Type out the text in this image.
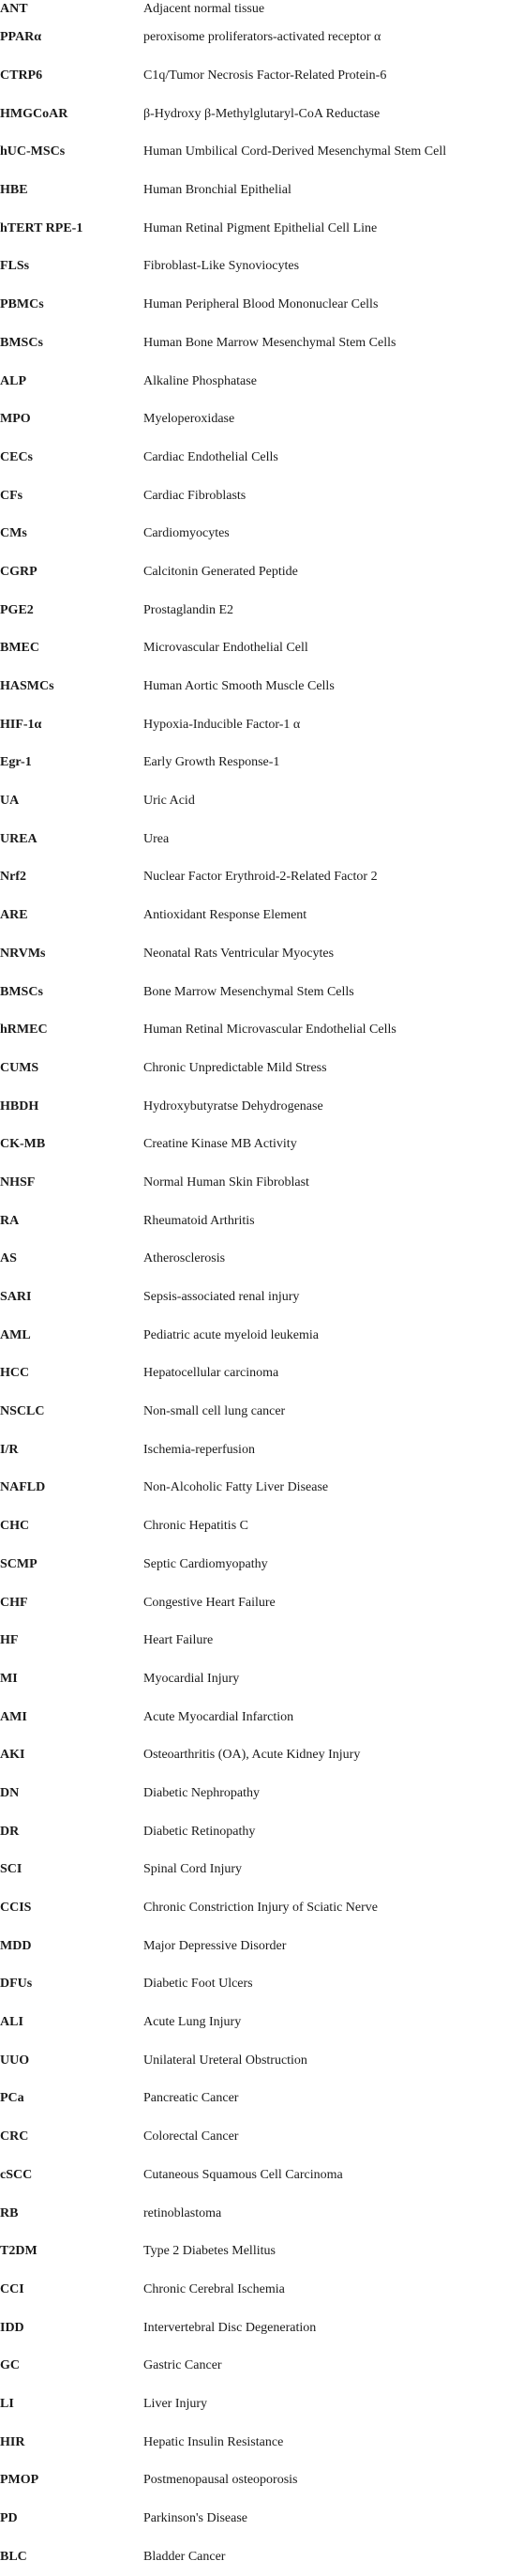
ANT	Adjacent normal tissue
PPARα	peroxisome proliferators-activated receptor α
CTRP6	C1q/Tumor Necrosis Factor-Related Protein-6
HMGCoAR	β-Hydroxy β-Methylglutaryl-CoA Reductase
hUC-MSCs	Human Umbilical Cord-Derived Mesenchymal Stem Cell
HBE	Human Bronchial Epithelial
hTERT RPE-1	Human Retinal Pigment Epithelial Cell Line
FLSs	Fibroblast-Like Synoviocytes
PBMCs	Human Peripheral Blood Mononuclear Cells
BMSCs	Human Bone Marrow Mesenchymal Stem Cells
ALP	Alkaline Phosphatase
MPO	Myeloperoxidase
CECs	Cardiac Endothelial Cells
CFs	Cardiac Fibroblasts
CMs	Cardiomyocytes
CGRP	Calcitonin Generated Peptide
PGE2	Prostaglandin E2
BMEC	Microvascular Endothelial Cell
HASMCs	Human Aortic Smooth Muscle Cells
HIF-1α	Hypoxia-Inducible Factor-1 α
Egr-1	Early Growth Response-1
UA	Uric Acid
UREA	Urea
Nrf2	Nuclear Factor Erythroid-2-Related Factor 2
ARE	Antioxidant Response Element
NRVMs	Neonatal Rats Ventricular Myocytes
BMSCs	Bone Marrow Mesenchymal Stem Cells
hRMEC	Human Retinal Microvascular Endothelial Cells
CUMS	Chronic Unpredictable Mild Stress
HBDH	Hydroxybutyratse Dehydrogenase
CK-MB	Creatine Kinase MB Activity
NHSF	Normal Human Skin Fibroblast
RA	Rheumatoid Arthritis
AS	Atherosclerosis
SARI	Sepsis-associated renal injury
AML	Pediatric acute myeloid leukemia
HCC	Hepatocellular carcinoma
NSCLC	Non-small cell lung cancer
I/R	Ischemia-reperfusion
NAFLD	Non-Alcoholic Fatty Liver Disease
CHC	Chronic Hepatitis C
SCMP	Septic Cardiomyopathy
CHF	Congestive Heart Failure
HF	Heart Failure
MI	Myocardial Injury
AMI	Acute Myocardial Infarction
AKI	Osteoarthritis (OA), Acute Kidney Injury
DN	Diabetic Nephropathy
DR	Diabetic Retinopathy
SCI	Spinal Cord Injury
CCIS	Chronic Constriction Injury of Sciatic Nerve
MDD	Major Depressive Disorder
DFUs	Diabetic Foot Ulcers
ALI	Acute Lung Injury
UUO	Unilateral Ureteral Obstruction
PCa	Pancreatic Cancer
CRC	Colorectal Cancer
cSCC	Cutaneous Squamous Cell Carcinoma
RB	retinoblastoma
T2DM	Type 2 Diabetes Mellitus
CCI	Chronic Cerebral Ischemia
IDD	Intervertebral Disc Degeneration
GC	Gastric Cancer
LI	Liver Injury
HIR	Hepatic Insulin Resistance
PMOP	Postmenopausal osteoporosis
PD	Parkinson's Disease
BLC	Bladder Cancer
